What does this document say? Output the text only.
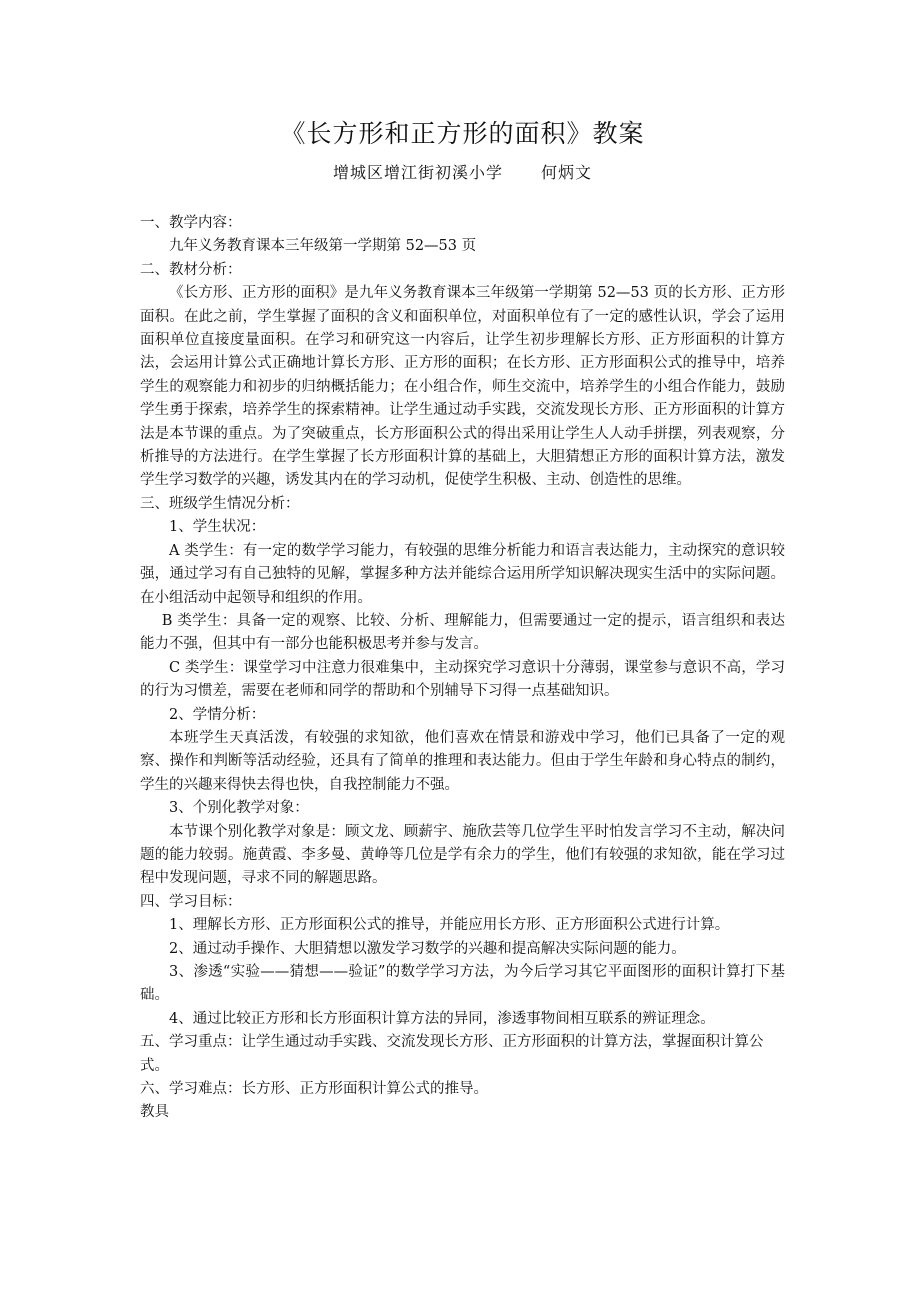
《长方形和正方形的面积》教案
增城区增江街初溪小学 何炳文

一、教学内容：

九年义务教育课本三年级第一学期第 52—53 页

二、教材分析：

《长方形、正方形的面积》是九年义务教育课本三年级第一学期第 52—53 页的长方形、正方形面积。在此之前，学生掌握了面积的含义和面积单位，对面积单位有了一定的感性认识，学会了运用面积单位直接度量面积。在学习和研究这一内容后，让学生初步理解长方形、正方形面积的计算方法，会运用计算公式正确地计算长方形、正方形的面积；在长方形、正方形面积公式的推导中，培养学生的观察能力和初步的归纳概括能力；在小组合作，师生交流中，培养学生的小组合作能力，鼓励学生勇于探索，培养学生的探索精神。让学生通过动手实践，交流发现长方形、正方形面积的计算方法是本节课的重点。为了突破重点，长方形面积公式的得出采用让学生人人动手拼摆，列表观察，分析推导的方法进行。在学生掌握了长方形面积计算的基础上，大胆猜想正方形的面积计算方法，激发学生学习数学的兴趣，诱发其内在的学习动机，促使学生积极、主动、创造性的思维。

三、班级学生情况分析：

1、学生状况：

A 类学生：有一定的数学学习能力，有较强的思维分析能力和语言表达能力，主动探究的意识较强，通过学习有自己独特的见解，掌握多种方法并能综合运用所学知识解决现实生活中的实际问题。在小组活动中起领导和组织的作用。

B 类学生：具备一定的观察、比较、分析、理解能力，但需要通过一定的提示，语言组织和表达能力不强，但其中有一部分也能积极思考并参与发言。

C 类学生：课堂学习中注意力很难集中，主动探究学习意识十分薄弱，课堂参与意识不高，学习的行为习惯差，需要在老师和同学的帮助和个别辅导下习得一点基础知识。

2、学情分析：

本班学生天真活泼，有较强的求知欲，他们喜欢在情景和游戏中学习，他们已具备了一定的观察、操作和判断等活动经验，还具有了简单的推理和表达能力。但由于学生年龄和身心特点的制约，学生的兴趣来得快去得也快，自我控制能力不强。

3、个别化教学对象：

本节课个别化教学对象是：顾文龙、顾薪宇、施欣芸等几位学生平时怕发言学习不主动，解决问题的能力较弱。施黄霞、李多曼、黄峥等几位是学有余力的学生，他们有较强的求知欲，能在学习过程中发现问题，寻求不同的解题思路。

四、学习目标：

1、理解长方形、正方形面积公式的推导，并能应用长方形、正方形面积公式进行计算。

2、通过动手操作、大胆猜想以激发学习数学的兴趣和提高解决实际问题的能力。

3、渗透“实验——猜想——验证”的数学学习方法，为今后学习其它平面图形的面积计算打下基础。

4、通过比较正方形和长方形面积计算方法的异同，渗透事物间相互联系的辨证理念。

五、学习重点：让学生通过动手实践、交流发现长方形、正方形面积的计算方法，掌握面积计算公式。

六、学习难点：长方形、正方形面积计算公式的推导。

教具
